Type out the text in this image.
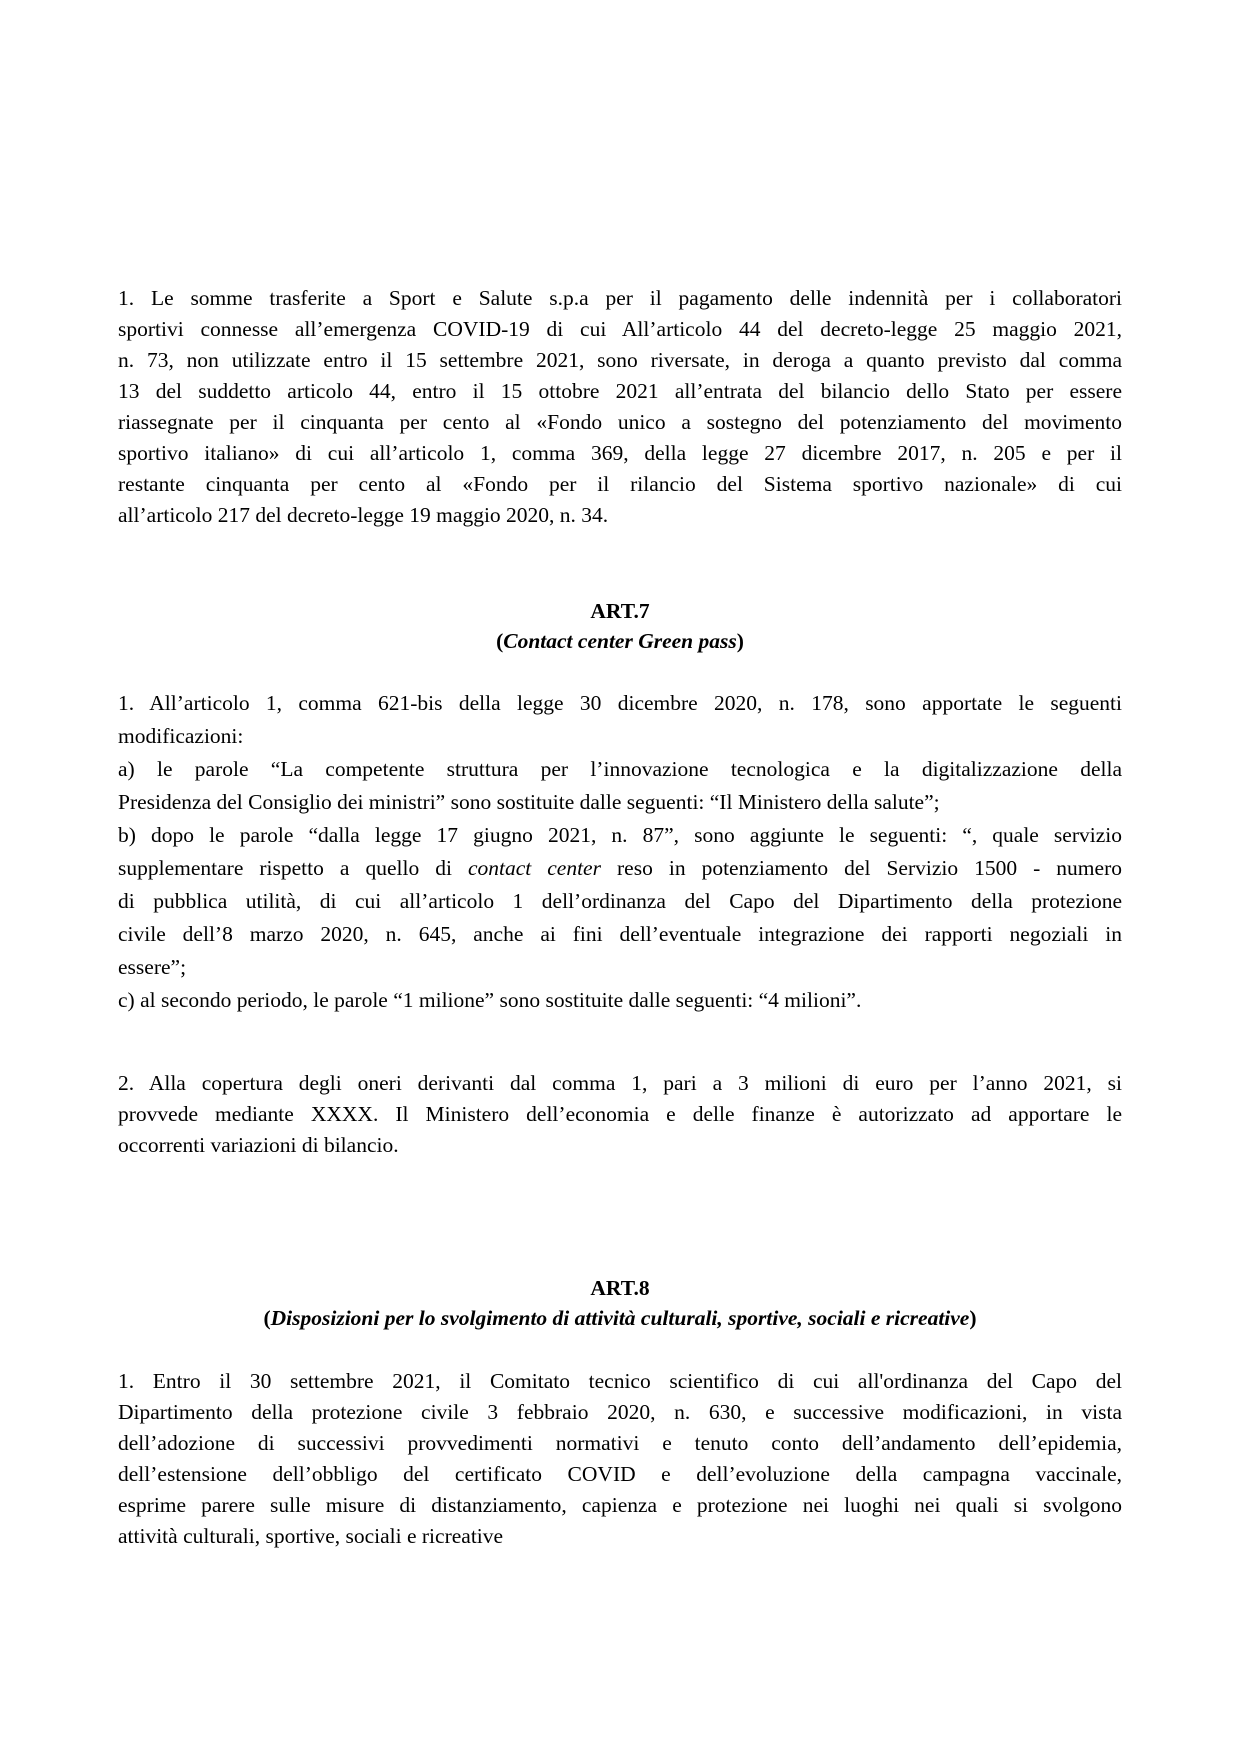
1. Le somme trasferite a Sport e Salute s.p.a per il pagamento delle indennità per i collaboratori
sportivi connesse all’emergenza COVID-19 di cui All’articolo 44 del decreto-legge 25 maggio 2021,
n. 73, non utilizzate entro il 15 settembre 2021, sono riversate, in deroga a quanto previsto dal comma
13 del suddetto articolo 44, entro il 15 ottobre 2021 all’entrata del bilancio dello Stato per essere
riassegnate per il cinquanta per cento al «Fondo unico a sostegno del potenziamento del movimento
sportivo italiano» di cui all’articolo 1, comma 369, della legge 27 dicembre 2017, n. 205 e per il
restante cinquanta per cento al «Fondo per il rilancio del Sistema sportivo nazionale» di cui
all’articolo 217 del decreto-legge 19 maggio 2020, n. 34.
ART.7
(Contact center Green pass)
1. All’articolo 1, comma 621-bis della legge 30 dicembre 2020, n. 178, sono apportate le seguenti
modificazioni:
a) le parole “La competente struttura per l’innovazione tecnologica e la digitalizzazione della
Presidenza del Consiglio dei ministri” sono sostituite dalle seguenti: “Il Ministero della salute”;
b) dopo le parole “dalla legge 17 giugno 2021, n. 87”, sono aggiunte le seguenti: “, quale servizio
supplementare rispetto a quello di contact center reso in potenziamento del Servizio 1500 - numero
di pubblica utilità, di cui all’articolo 1 dell’ordinanza del Capo del Dipartimento della protezione
civile dell’8 marzo 2020, n. 645, anche ai fini dell’eventuale integrazione dei rapporti negoziali in
essere”;
c) al secondo periodo, le parole “1 milione” sono sostituite dalle seguenti: “4 milioni”.
2. Alla copertura degli oneri derivanti dal comma 1, pari a 3 milioni di euro per l’anno 2021, si
provvede mediante XXXX. Il Ministero dell’economia e delle finanze è autorizzato ad apportare le
occorrenti variazioni di bilancio.
ART.8
(Disposizioni per lo svolgimento di attività culturali, sportive, sociali e ricreative)
1. Entro il 30 settembre 2021, il Comitato tecnico scientifico di cui all'ordinanza del Capo del
Dipartimento della protezione civile 3 febbraio 2020, n. 630, e successive modificazioni, in vista
dell’adozione di successivi provvedimenti normativi e tenuto conto dell’andamento dell’epidemia,
dell’estensione dell’obbligo del certificato COVID e dell’evoluzione della campagna vaccinale,
esprime parere sulle misure di distanziamento, capienza e protezione nei luoghi nei quali si svolgono
attività culturali, sportive, sociali e ricreative
